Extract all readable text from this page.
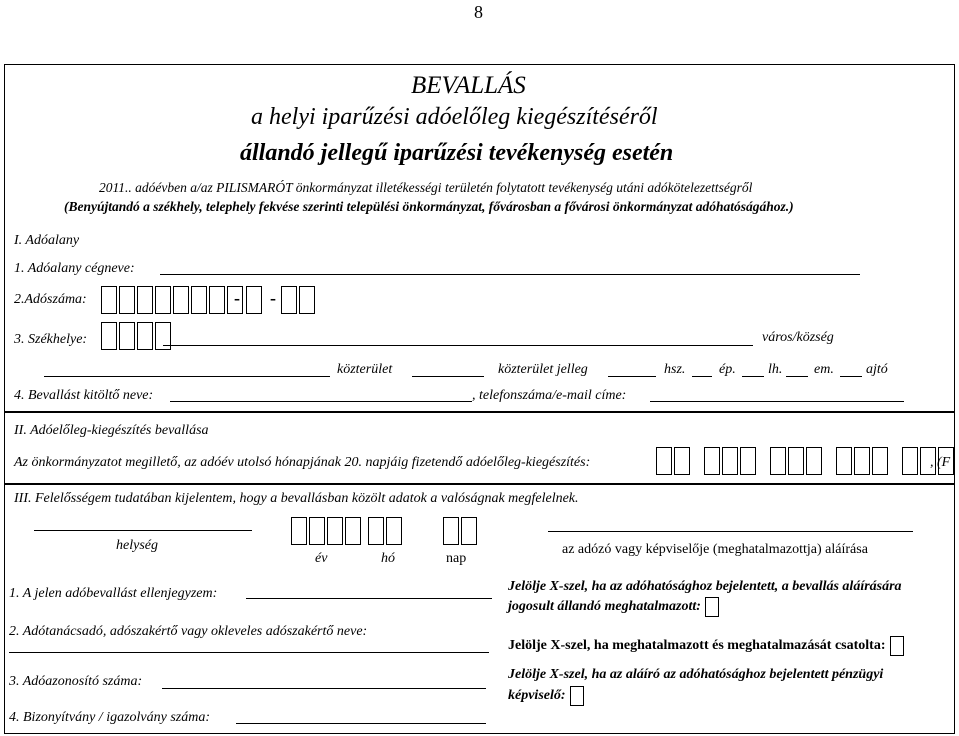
8
BEVALLÁS
a helyi iparűzési adóelőleg kiegészítéséről
állandó jellegű iparűzési tevékenység esetén
2011.. adóévben a/az PILISMARÓT önkormányzat illetékességi területén folytatott tevékenység utáni adókötelezettségről
(Benyújtandó a székhely, telephely fekvése szerinti települési önkormányzat, fővárosban a fővárosi önkormányzat adóhatóságához.)
I. Adóalany
1. Adóalany cégneve:
2.Adószáma:	- -
3. Székhelye:	város/község
közterület	közterület jelleg	hsz. ép. lh. em. ajtó
4. Bevallást kitöltő neve:	, telefonszáma/e-mail címe:
II. Adóelőleg-kiegészítés bevallása
Az önkormányzatot megillető, az adóév utolsó hónapjának 20. napjáig fizetendő adóelőleg-kiegészítés:	, (F
III. Felelősségem tudatában kijelentem, hogy a bevallásban közölt adatok a valóságnak megfelelnek.
helység
év	hó	nap
az adózó vagy képviselője (meghatalmazottja) aláírása
1. A jelen adóbevallást ellenjegyzem:
2. Adótanácsadó, adószakértő vagy okleveles adószakértő neve:
3. Adóazonosító száma:
4. Bizonyítvány / igazolvány száma:
Jelölje X-szel, ha az adóhatósághoz bejelentett, a bevallás aláírására
jogosult állandó meghatalmazott:
Jelölje X-szel, ha meghatalmazott és meghatalmazását csatolta:
Jelölje X-szel, ha az aláíró az adóhatósághoz bejelentett pénzügyi
képviselő:
